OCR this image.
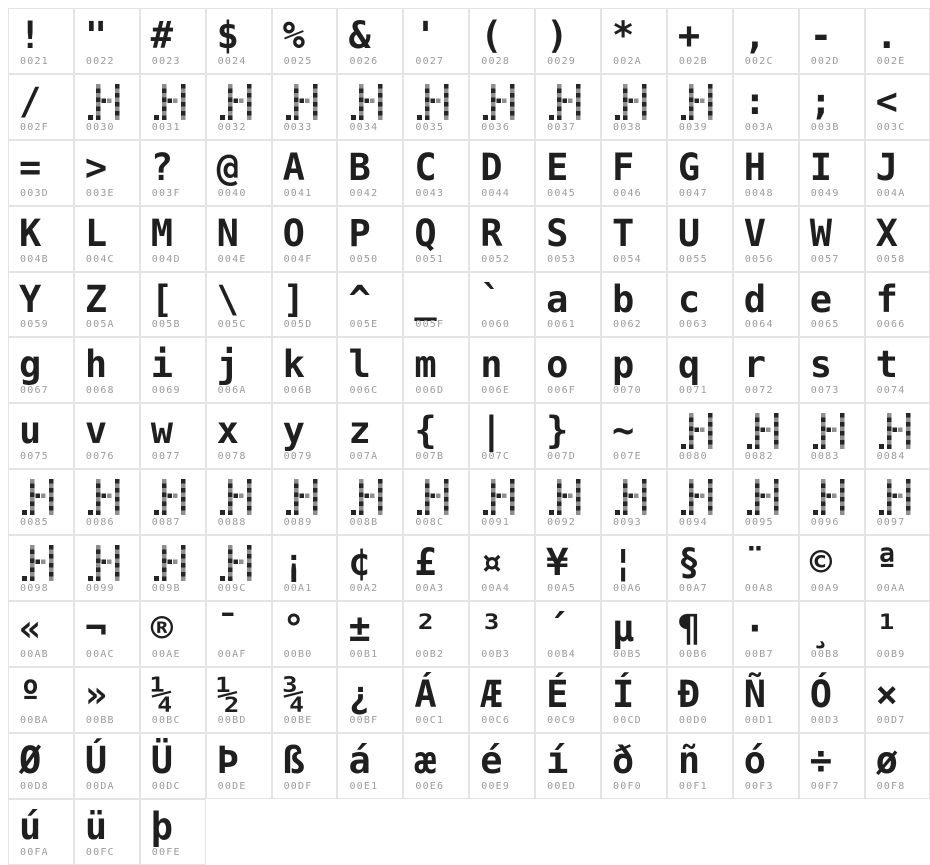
!
0021
"
0022
#
0023
$
0024
%
0025
&
0026
'
0027
(
0028
)
0029
*
002A
+
002B
,
002C
-
002D
.
002E
/
002F	0030	0031	0032	0033	0034	0035	0036	0037	0038	0039
:
003A
;
003B
<
003C
=
003D
>
003E
?
003F
@
0040
A
0041
B
0042
C
0043
D
0044
E
0045
F
0046
G
0047
H
0048
I
0049
J
004A
K
004B
L
004C
M
004D
N
004E
O
004F
P
0050
Q
0051
R
0052
S
0053
T
0054
U
0055
V
0056
W
0057
X
0058
Y
0059
Z
005A
[
005B
\
005C
]
005D
^
005E
_
005F
`
0060
a
0061
b
0062
c
0063
d
0064
e
0065
f
0066
g
0067
h
0068
i
0069
j
006A
k
006B
l
006C
m
006D
n
006E
o
006F
p
0070
q
0071
r
0072
s
0073
t
0074
u
0075
v
0076
w
0077
x
0078
y
0079
z
007A
{
007B
|
007C
}
007D
~
007E	0080	0082	0083	0084
0085	0086	0087	0088	0089	008B	008C	0091	0092	0093	0094	0095	0096	0097
0098	0099	009B	009C
¡
00A1
¢
00A2
£
00A3
¤
00A4
¥
00A5
¦
00A6
§
00A7
¨
00A8
©
00A9
ª
00AA
«
00AB
¬
00AC
®
00AE
¯
00AF
°
00B0
±
00B1
²
00B2
³
00B3
´
00B4
µ
00B5
¶
00B6
·
00B7
¸
00B8
¹
00B9
º
00BA
»
00BB
¼
00BC
½
00BD
¾
00BE
¿
00BF
Á
00C1
Æ
00C6
É
00C9
Í
00CD
Ð
00D0
Ñ
00D1
Ó
00D3
×
00D7
Ø
00D8
Ú
00DA
Ü
00DC
Þ
00DE
ß
00DF
á
00E1
æ
00E6
é
00E9
í
00ED
ð
00F0
ñ
00F1
ó
00F3
÷
00F7
ø
00F8
ú
00FA
ü
00FC
þ
00FE
